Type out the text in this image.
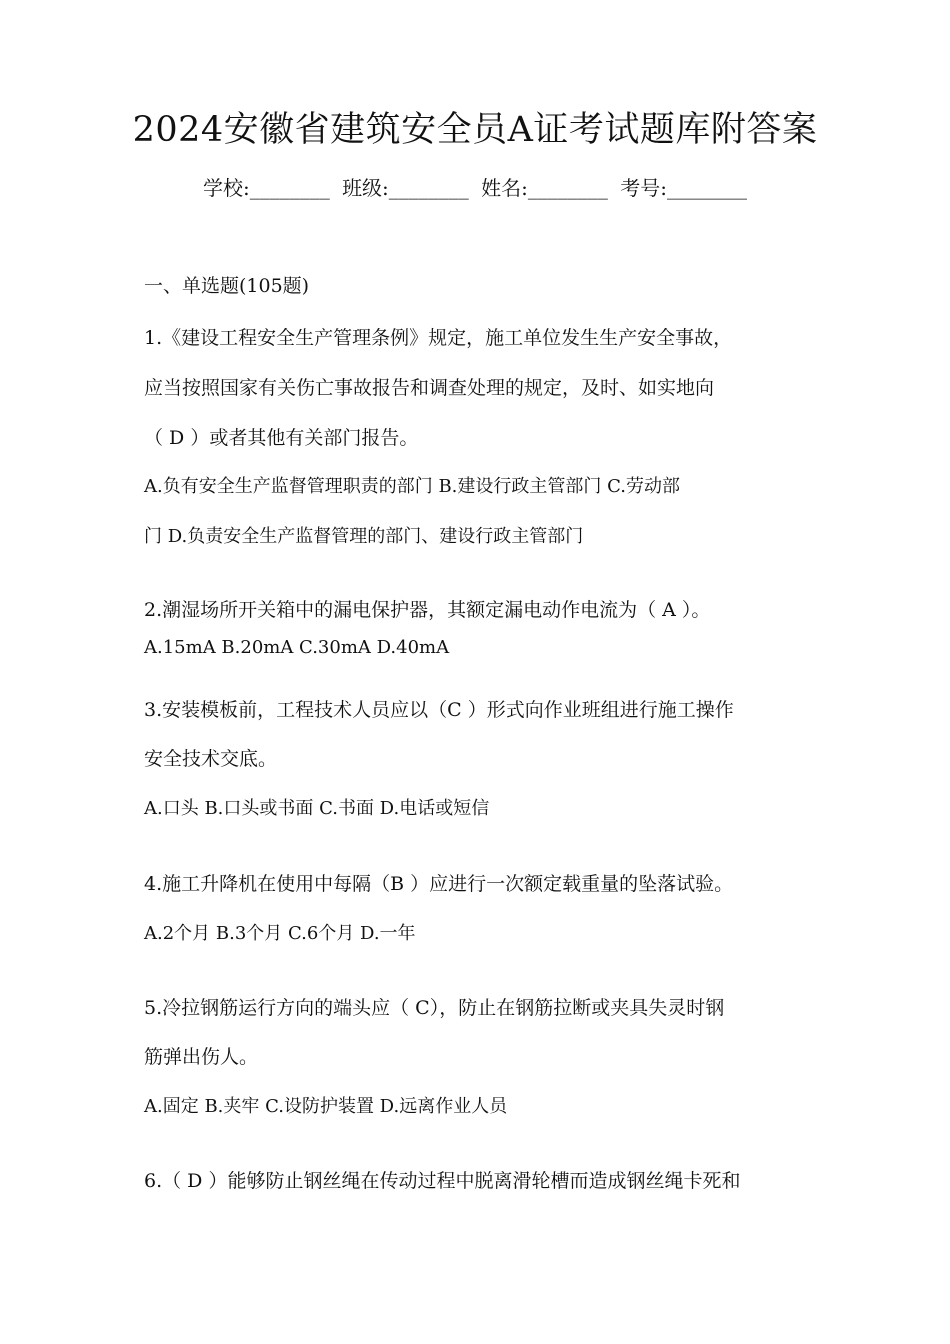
2024安徽省建筑安全员A证考试题库附答案
学校:________ 班级:________ 姓名:________ 考号:________
一、单选题(105题)
1.《建设工程安全生产管理条例》规定，施工单位发生生产安全事故，
应当按照国家有关伤亡事故报告和调查处理的规定，及时、如实地向
（ D ）或者其他有关部门报告。
A.负有安全生产监督管理职责的部门 B.建设行政主管部门 C.劳动部
门 D.负责安全生产监督管理的部门、建设行政主管部门
2.潮湿场所开关箱中的漏电保护器，其额定漏电动作电流为（ A ）。
A.15mA B.20mA C.30mA D.40mA
3.安装模板前，工程技术人员应以（C ）形式向作业班组进行施工操作
安全技术交底。
A.口头 B.口头或书面 C.书面 D.电话或短信
4.施工升降机在使用中每隔（B ）应进行一次额定载重量的坠落试验。
A.2个月 B.3个月 C.6个月 D.一年
5.冷拉钢筋运行方向的端头应（ C），防止在钢筋拉断或夹具失灵时钢
筋弹出伤人。
A.固定 B.夹牢 C.设防护装置 D.远离作业人员
6.（ D ）能够防止钢丝绳在传动过程中脱离滑轮槽而造成钢丝绳卡死和
